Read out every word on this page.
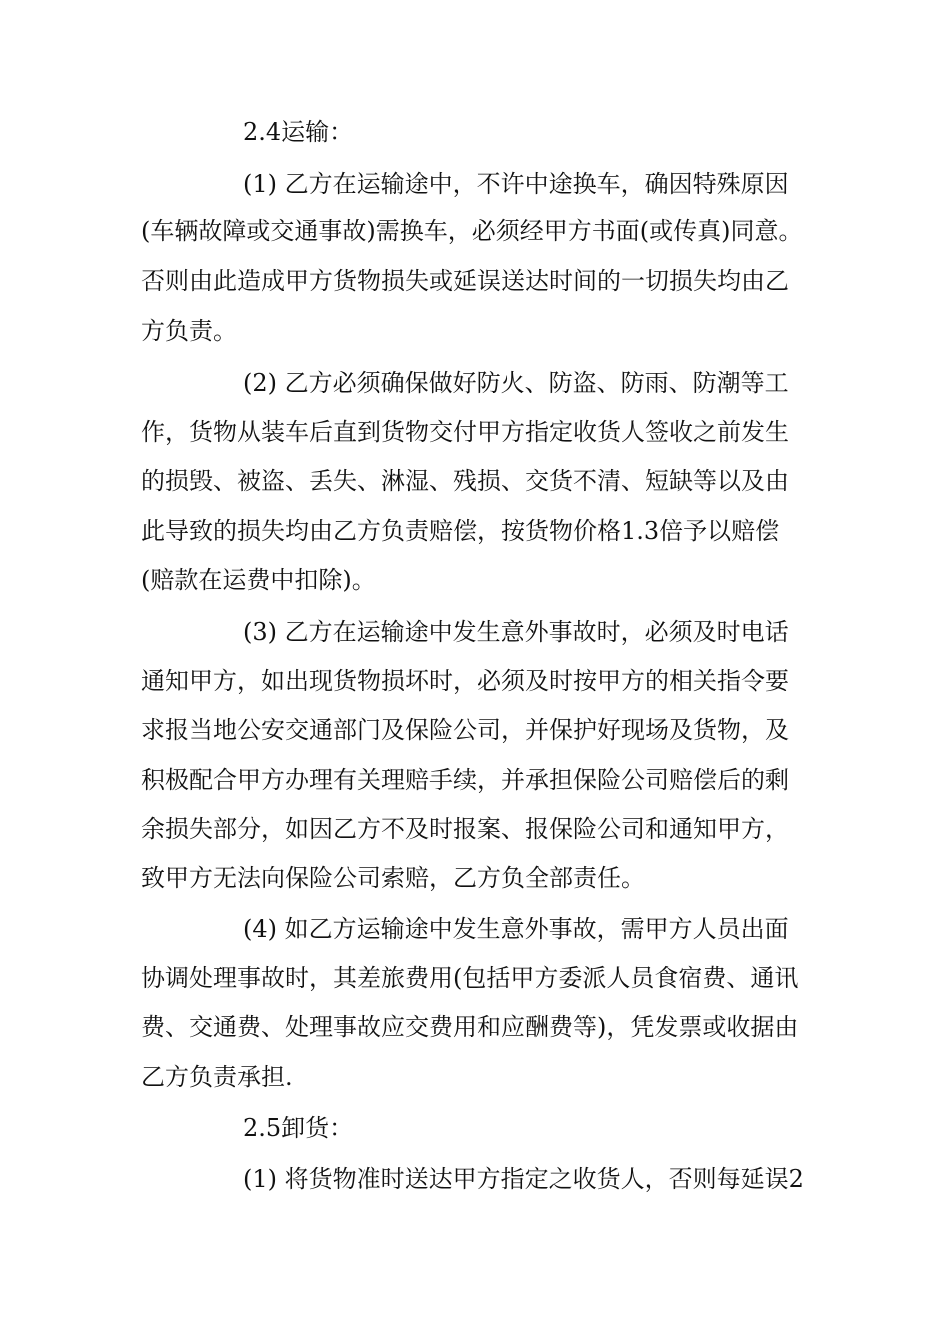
2.4运输：
(1) 乙方在运输途中，不许中途换车，确因特殊原因
(车辆故障或交通事故)需换车，必须经甲方书面(或传真)同意。
否则由此造成甲方货物损失或延误送达时间的一切损失均由乙
方负责。
(2) 乙方必须确保做好防火、防盗、防雨、防潮等工
作，货物从装车后直到货物交付甲方指定收货人签收之前发生
的损毁、被盗、丢失、淋湿、残损、交货不清、短缺等以及由
此导致的损失均由乙方负责赔偿，按货物价格1.3倍予以赔偿
(赔款在运费中扣除)。
(3) 乙方在运输途中发生意外事故时，必须及时电话
通知甲方，如出现货物损坏时，必须及时按甲方的相关指令要
求报当地公安交通部门及保险公司，并保护好现场及货物，及
积极配合甲方办理有关理赔手续，并承担保险公司赔偿后的剩
余损失部分，如因乙方不及时报案、报保险公司和通知甲方，
致甲方无法向保险公司索赔，乙方负全部责任。
(4) 如乙方运输途中发生意外事故，需甲方人员出面
协调处理事故时，其差旅费用(包括甲方委派人员食宿费、通讯
费、交通费、处理事故应交费用和应酬费等)，凭发票或收据由
乙方负责承担.
2.5卸货：
(1) 将货物准时送达甲方指定之收货人，否则每延误2
